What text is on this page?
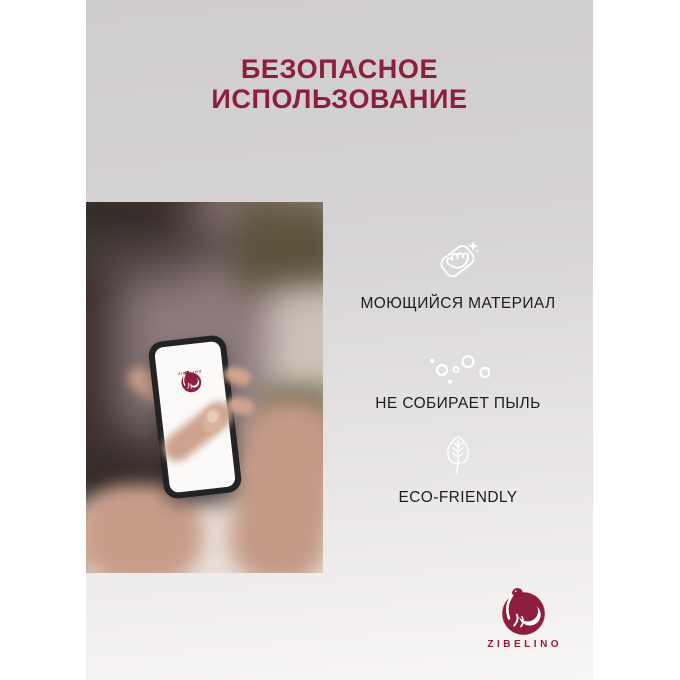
БЕЗОПАСНОЕ
ИСПОЛЬЗОВАНИЕ
ZIBELINO
МОЮЩИЙСЯ МАТЕРИАЛ
НЕ СОБИРАЕТ ПЫЛЬ
ECO-FRIENDLY
ZIBELINO
